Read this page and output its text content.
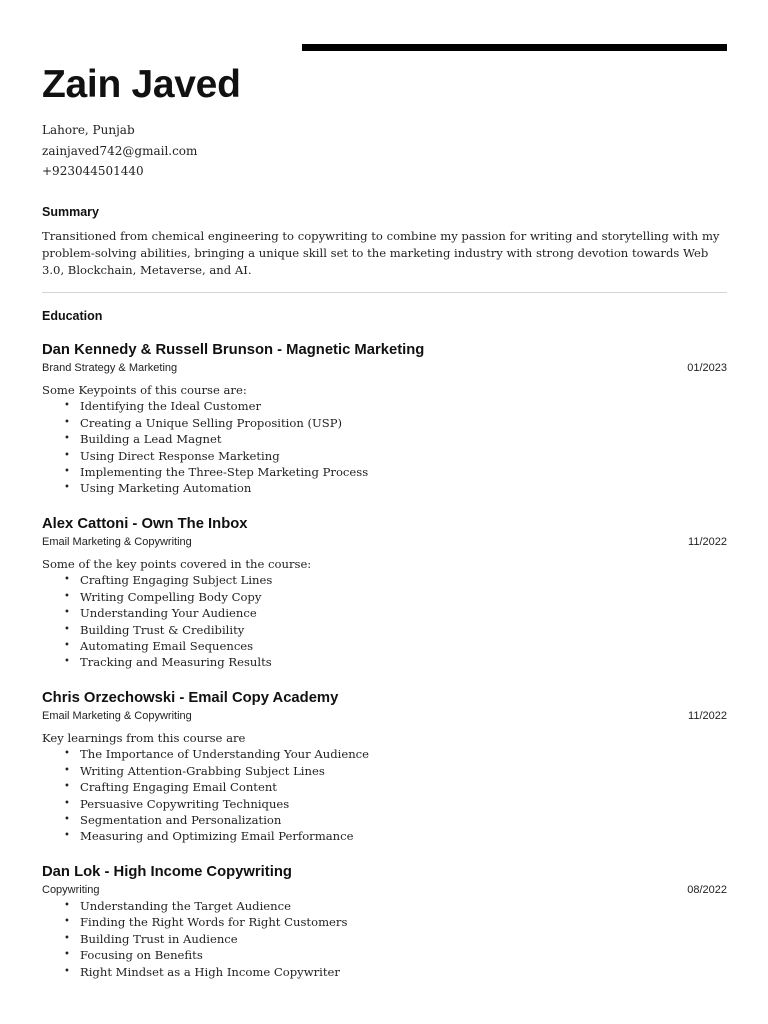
Zain Javed
Lahore, Punjab
zainjaved742@gmail.com
+923044501440
Summary
Transitioned from chemical engineering to copywriting to combine my passion for writing and storytelling with my problem-solving abilities, bringing a unique skill set to the marketing industry with strong devotion towards Web 3.0, Blockchain, Metaverse, and AI.
Education
Dan Kennedy & Russell Brunson - Magnetic Marketing
Brand Strategy & Marketing	01/2023
Some Keypoints of this course are:
• Identifying the Ideal Customer
• Creating a Unique Selling Proposition (USP)
• Building a Lead Magnet
• Using Direct Response Marketing
• Implementing the Three-Step Marketing Process
• Using Marketing Automation
Alex Cattoni - Own The Inbox
Email Marketing & Copywriting	11/2022
Some of the key points covered in the course:
• Crafting Engaging Subject Lines
• Writing Compelling Body Copy
• Understanding Your Audience
• Building Trust & Credibility
• Automating Email Sequences
• Tracking and Measuring Results
Chris Orzechowski - Email Copy Academy
Email Marketing & Copywriting	11/2022
Key learnings from this course are
• The Importance of Understanding Your Audience
• Writing Attention-Grabbing Subject Lines
• Crafting Engaging Email Content
• Persuasive Copywriting Techniques
• Segmentation and Personalization
• Measuring and Optimizing Email Performance
Dan Lok - High Income Copywriting
Copywriting	08/2022
• Understanding the Target Audience
• Finding the Right Words for Right Customers
• Building Trust in Audience
• Focusing on Benefits
• Right Mindset as a High Income Copywriter
